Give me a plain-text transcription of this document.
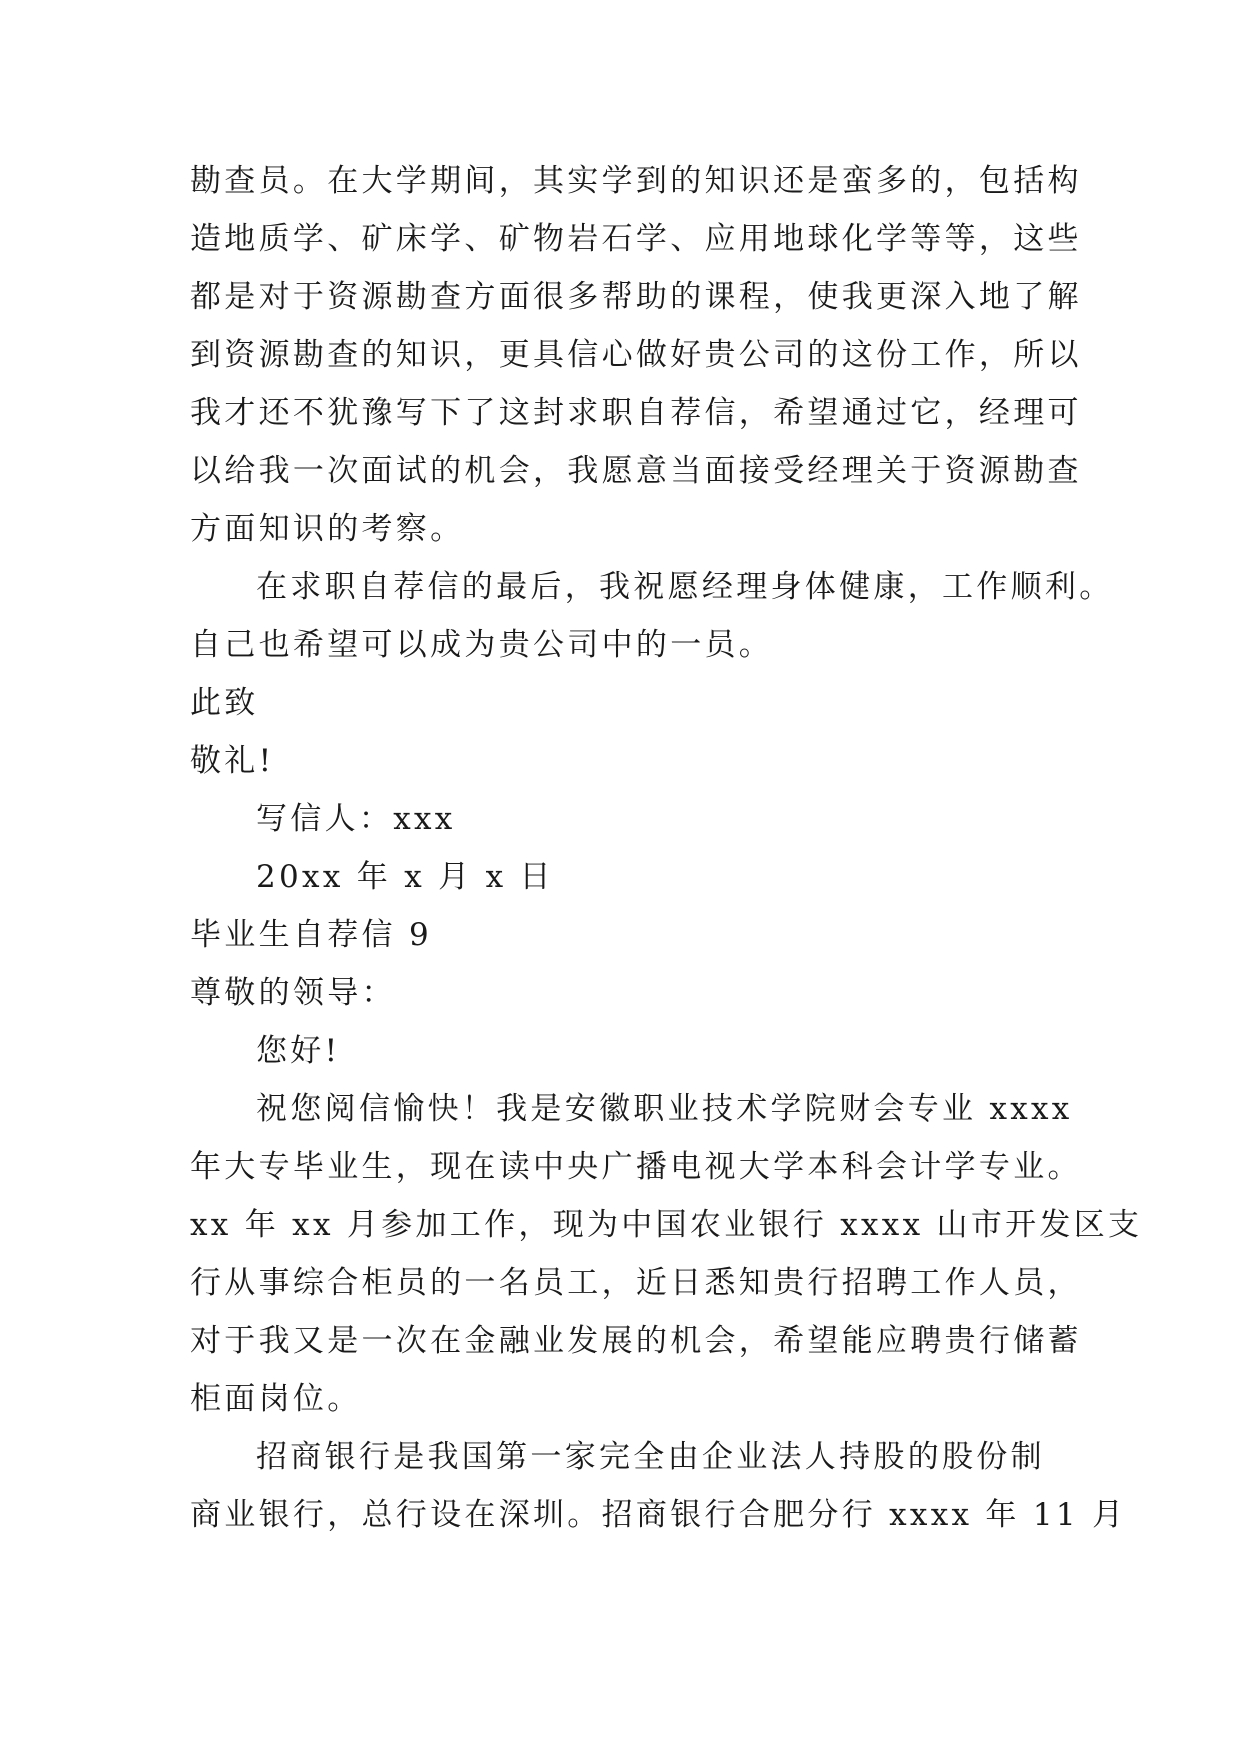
勘查员。在大学期间，其实学到的知识还是蛮多的，包括构
造地质学、矿床学、矿物岩石学、应用地球化学等等，这些
都是对于资源勘查方面很多帮助的课程，使我更深入地了解
到资源勘查的知识，更具信心做好贵公司的这份工作，所以
我才还不犹豫写下了这封求职自荐信，希望通过它，经理可
以给我一次面试的机会，我愿意当面接受经理关于资源勘查
方面知识的考察。
在求职自荐信的最后，我祝愿经理身体健康，工作顺利。
自己也希望可以成为贵公司中的一员。
此致
敬礼!
写信人：xxx
20xx 年 x 月 x 日
毕业生自荐信 9
尊敬的领导：
您好!
祝您阅信愉快！我是安徽职业技术学院财会专业 xxxx
年大专毕业生，现在读中央广播电视大学本科会计学专业。
xx 年 xx 月参加工作，现为中国农业银行 xxxx 山市开发区支
行从事综合柜员的一名员工，近日悉知贵行招聘工作人员，
对于我又是一次在金融业发展的机会，希望能应聘贵行储蓄
柜面岗位。
招商银行是我国第一家完全由企业法人持股的股份制
商业银行，总行设在深圳。招商银行合肥分行 xxxx 年 11 月
